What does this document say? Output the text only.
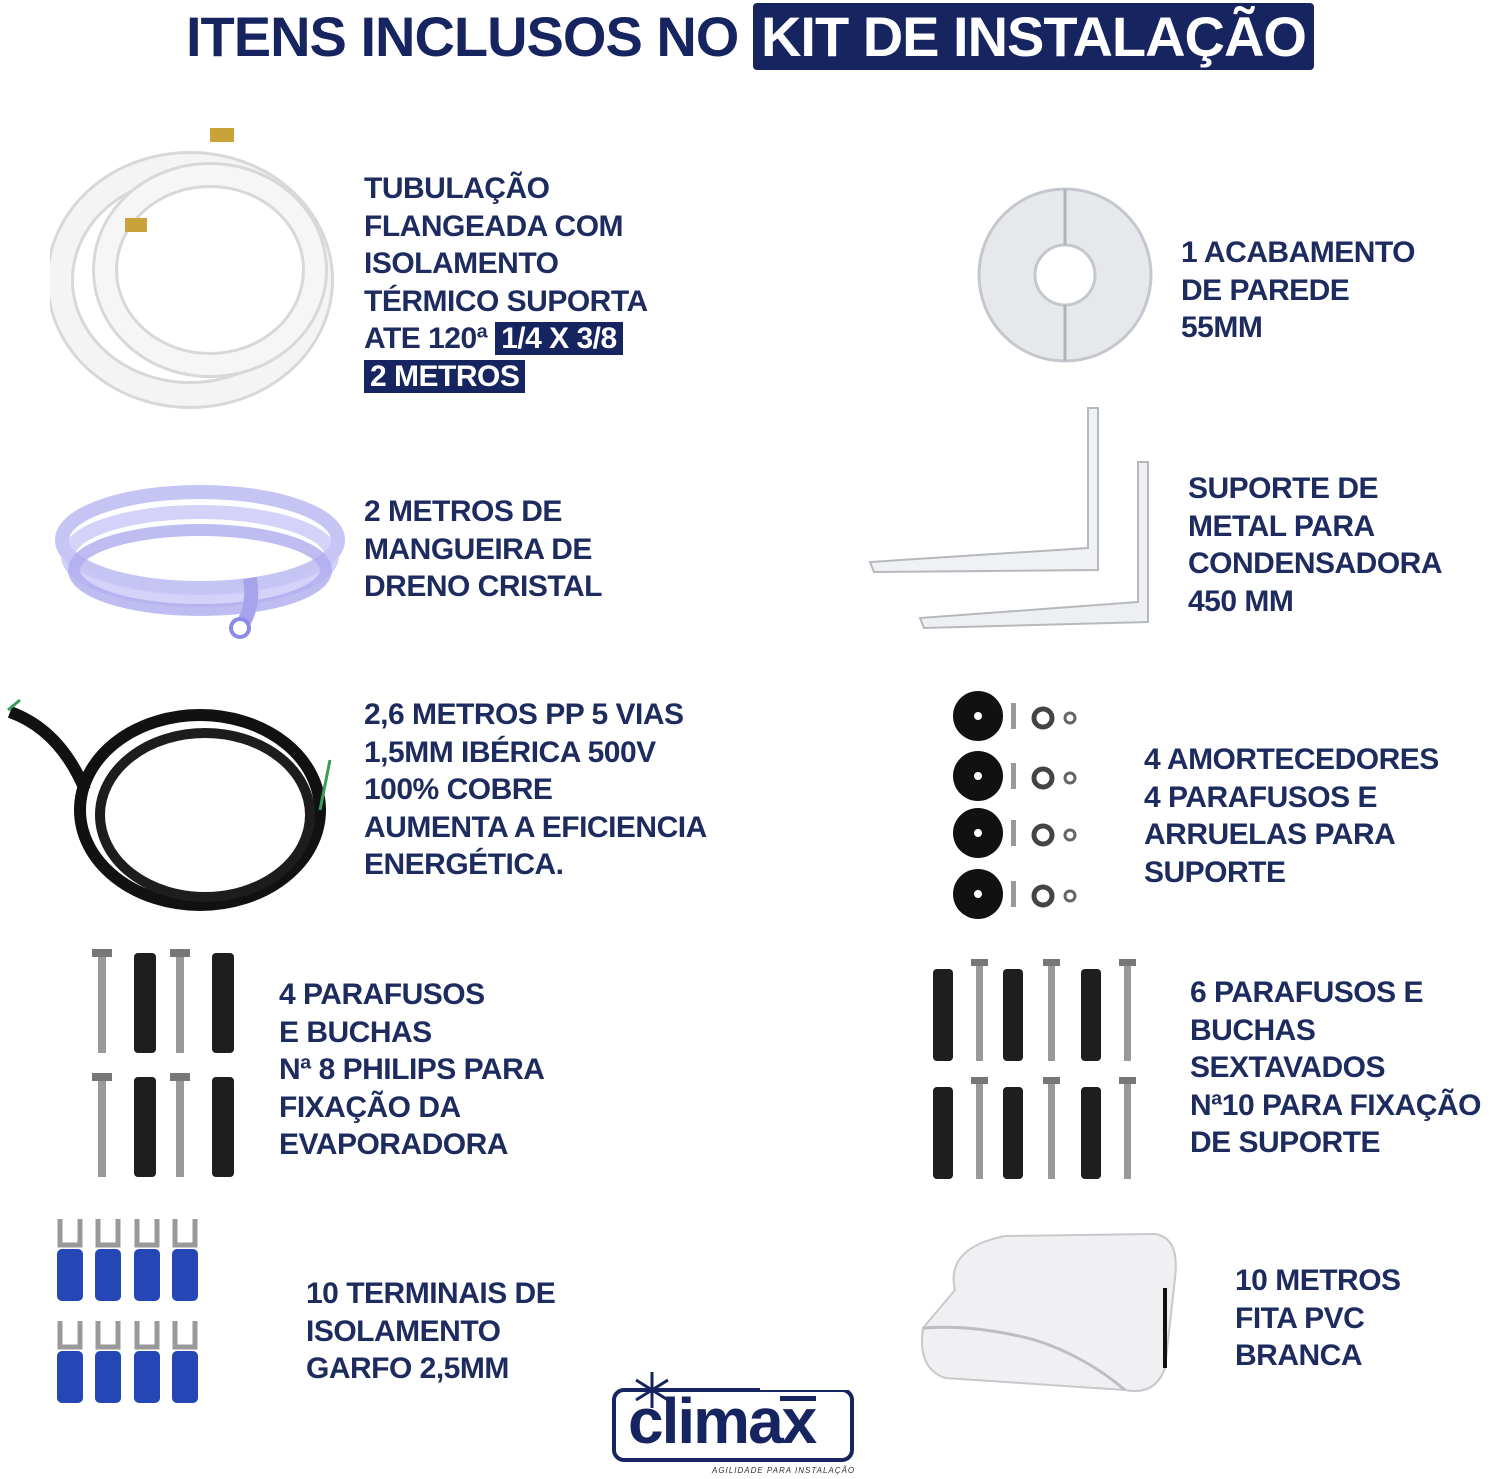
ITENS INCLUSOS NO KIT DE INSTALAÇÃO
TUBULAÇÃO
FLANGEADA COM
ISOLAMENTO
TÉRMICO SUPORTA
ATE 120ª 1/4 X 3/8
2 METROS
1 ACABAMENTO
DE PAREDE
55MM
2 METROS DE
MANGUEIRA DE
DRENO CRISTAL
SUPORTE DE
METAL PARA
CONDENSADORA
450 MM
2,6 METROS PP 5 VIAS
1,5MM IBÉRICA 500V
100% COBRE
AUMENTA A EFICIENCIA
ENERGÉTICA.
4 AMORTECEDORES
4 PARAFUSOS E
ARRUELAS PARA
SUPORTE
4 PARAFUSOS
E BUCHAS
Nª 8 PHILIPS PARA
FIXAÇÃO DA
EVAPORADORA
6 PARAFUSOS E
BUCHAS
SEXTAVADOS
Nª10 PARA FIXAÇÃO
DE SUPORTE
10 TERMINAIS DE
ISOLAMENTO
GARFO 2,5MM
10 METROS
FITA PVC
BRANCA
climax
AGILIDADE PARA INSTALAÇÃO
